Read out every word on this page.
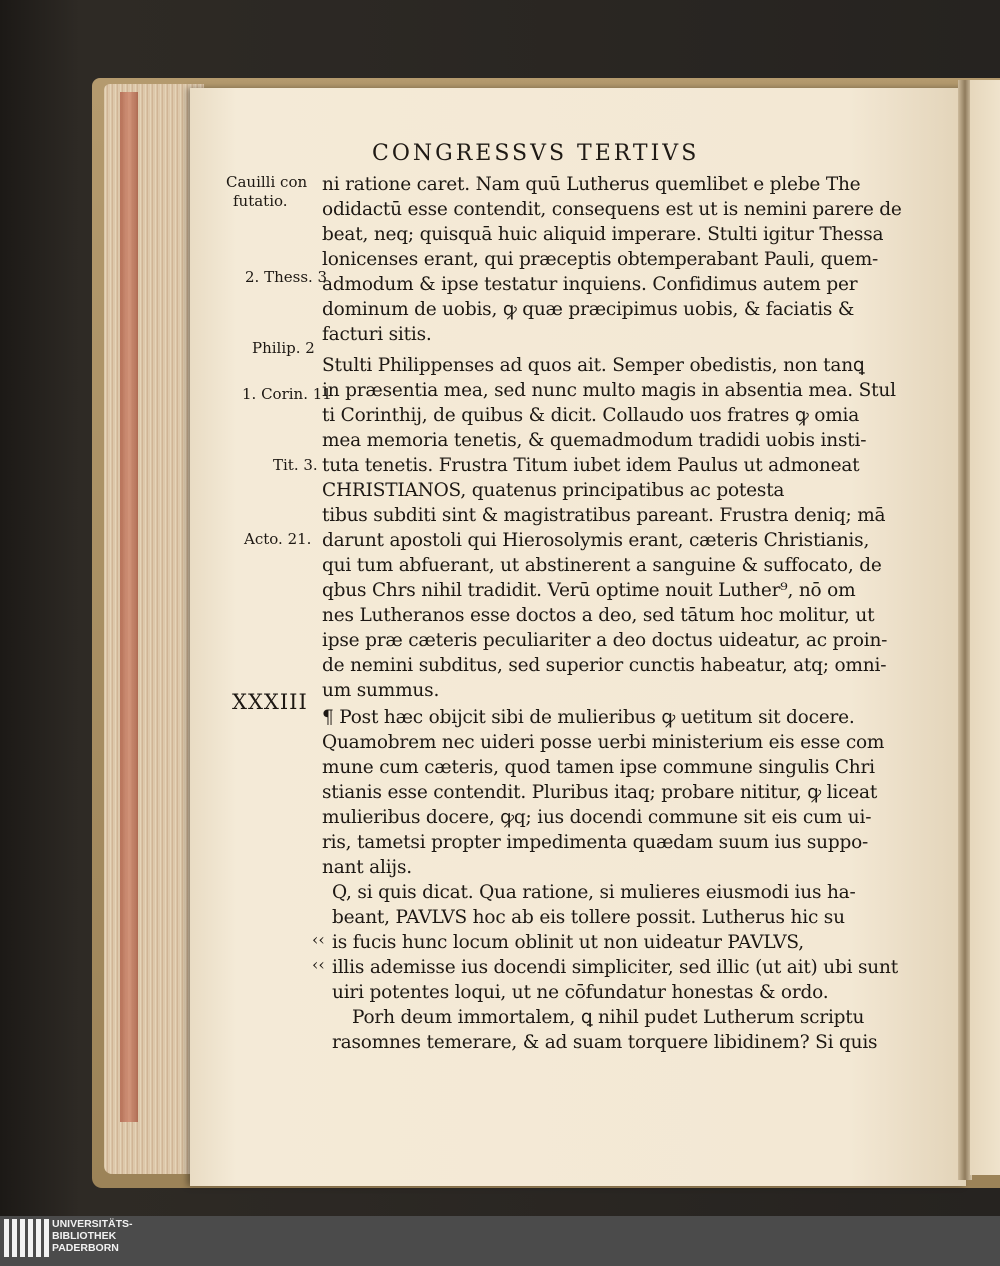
CONGRESSVS TERTIVS
Cauilli con
futatio.
2. Thess. 3
Philip. 2
1. Corin. 11
Tit. 3.
Acto. 21.
XXXIII
‹‹
‹‹
ni ratione caret. Nam quū Lutherus quemlibet e plebe The
odidactū esse contendit, consequens est ut is nemini parere de
beat, neq; quisquā huic aliquid imperare. Stulti igitur Thessa
lonicenses erant, qui præceptis obtemperabant Pauli, quem-
admodum & ipse testatur inquiens. Confidimus autem per
dominum de uobis, ꝙ quæ præcipimus uobis, & faciatis &
facturi sitis.
Stulti Philippenses ad quos ait. Semper obedistis, non tanꝗ
in præsentia mea, sed nunc multo magis in absentia mea. Stul
ti Corinthij, de quibus & dicit. Collaudo uos fratres ꝙ omia
mea memoria tenetis, & quemadmodum tradidi uobis insti-
tuta tenetis. Frustra Titum iubet idem Paulus ut admoneat
CHRISTIANOS, quatenus principatibus ac potesta
tibus subditi sint & magistratibus pareant. Frustra deniq; mā
darunt apostoli qui Hierosolymis erant, cæteris Christianis,
qui tum abfuerant, ut abstinerent a sanguine & suffocato, de
qbus Chrs nihil tradidit. Verū optime nouit Luther⁹, nō om
nes Lutheranos esse doctos a deo, sed tātum hoc molitur, ut
ipse præ cæteris peculiariter a deo doctus uideatur, ac proin-
de nemini subditus, sed superior cunctis habeatur, atq; omni-
um summus.
¶ Post hæc obijcit sibi de mulieribus ꝙ uetitum sit docere.
Quamobrem nec uideri posse uerbi ministerium eis esse com
mune cum cæteris, quod tamen ipse commune singulis Chri
stianis esse contendit. Pluribus itaq; probare nititur, ꝙ liceat
mulieribus docere, ꝙq; ius docendi commune sit eis cum ui-
ris, tametsi propter impedimenta quædam suum ius suppo-
nant alijs.
Q, si quis dicat. Qua ratione, si mulieres eiusmodi ius ha-
beant, PAVLVS hoc ab eis tollere possit. Lutherus hic su
is fucis hunc locum oblinit ut non uideatur PAVLVS,
illis ademisse ius docendi simpliciter, sed illic (ut ait) ubi sunt
uiri potentes loqui, ut ne cōfundatur honestas & ordo.
Porh deum immortalem, ꝗ nihil pudet Lutherum scriptu
rasomnes temerare, & ad suam torquere libidinem? Si quis
UNIVERSITÄTS-
BIBLIOTHEK
PADERBORN
